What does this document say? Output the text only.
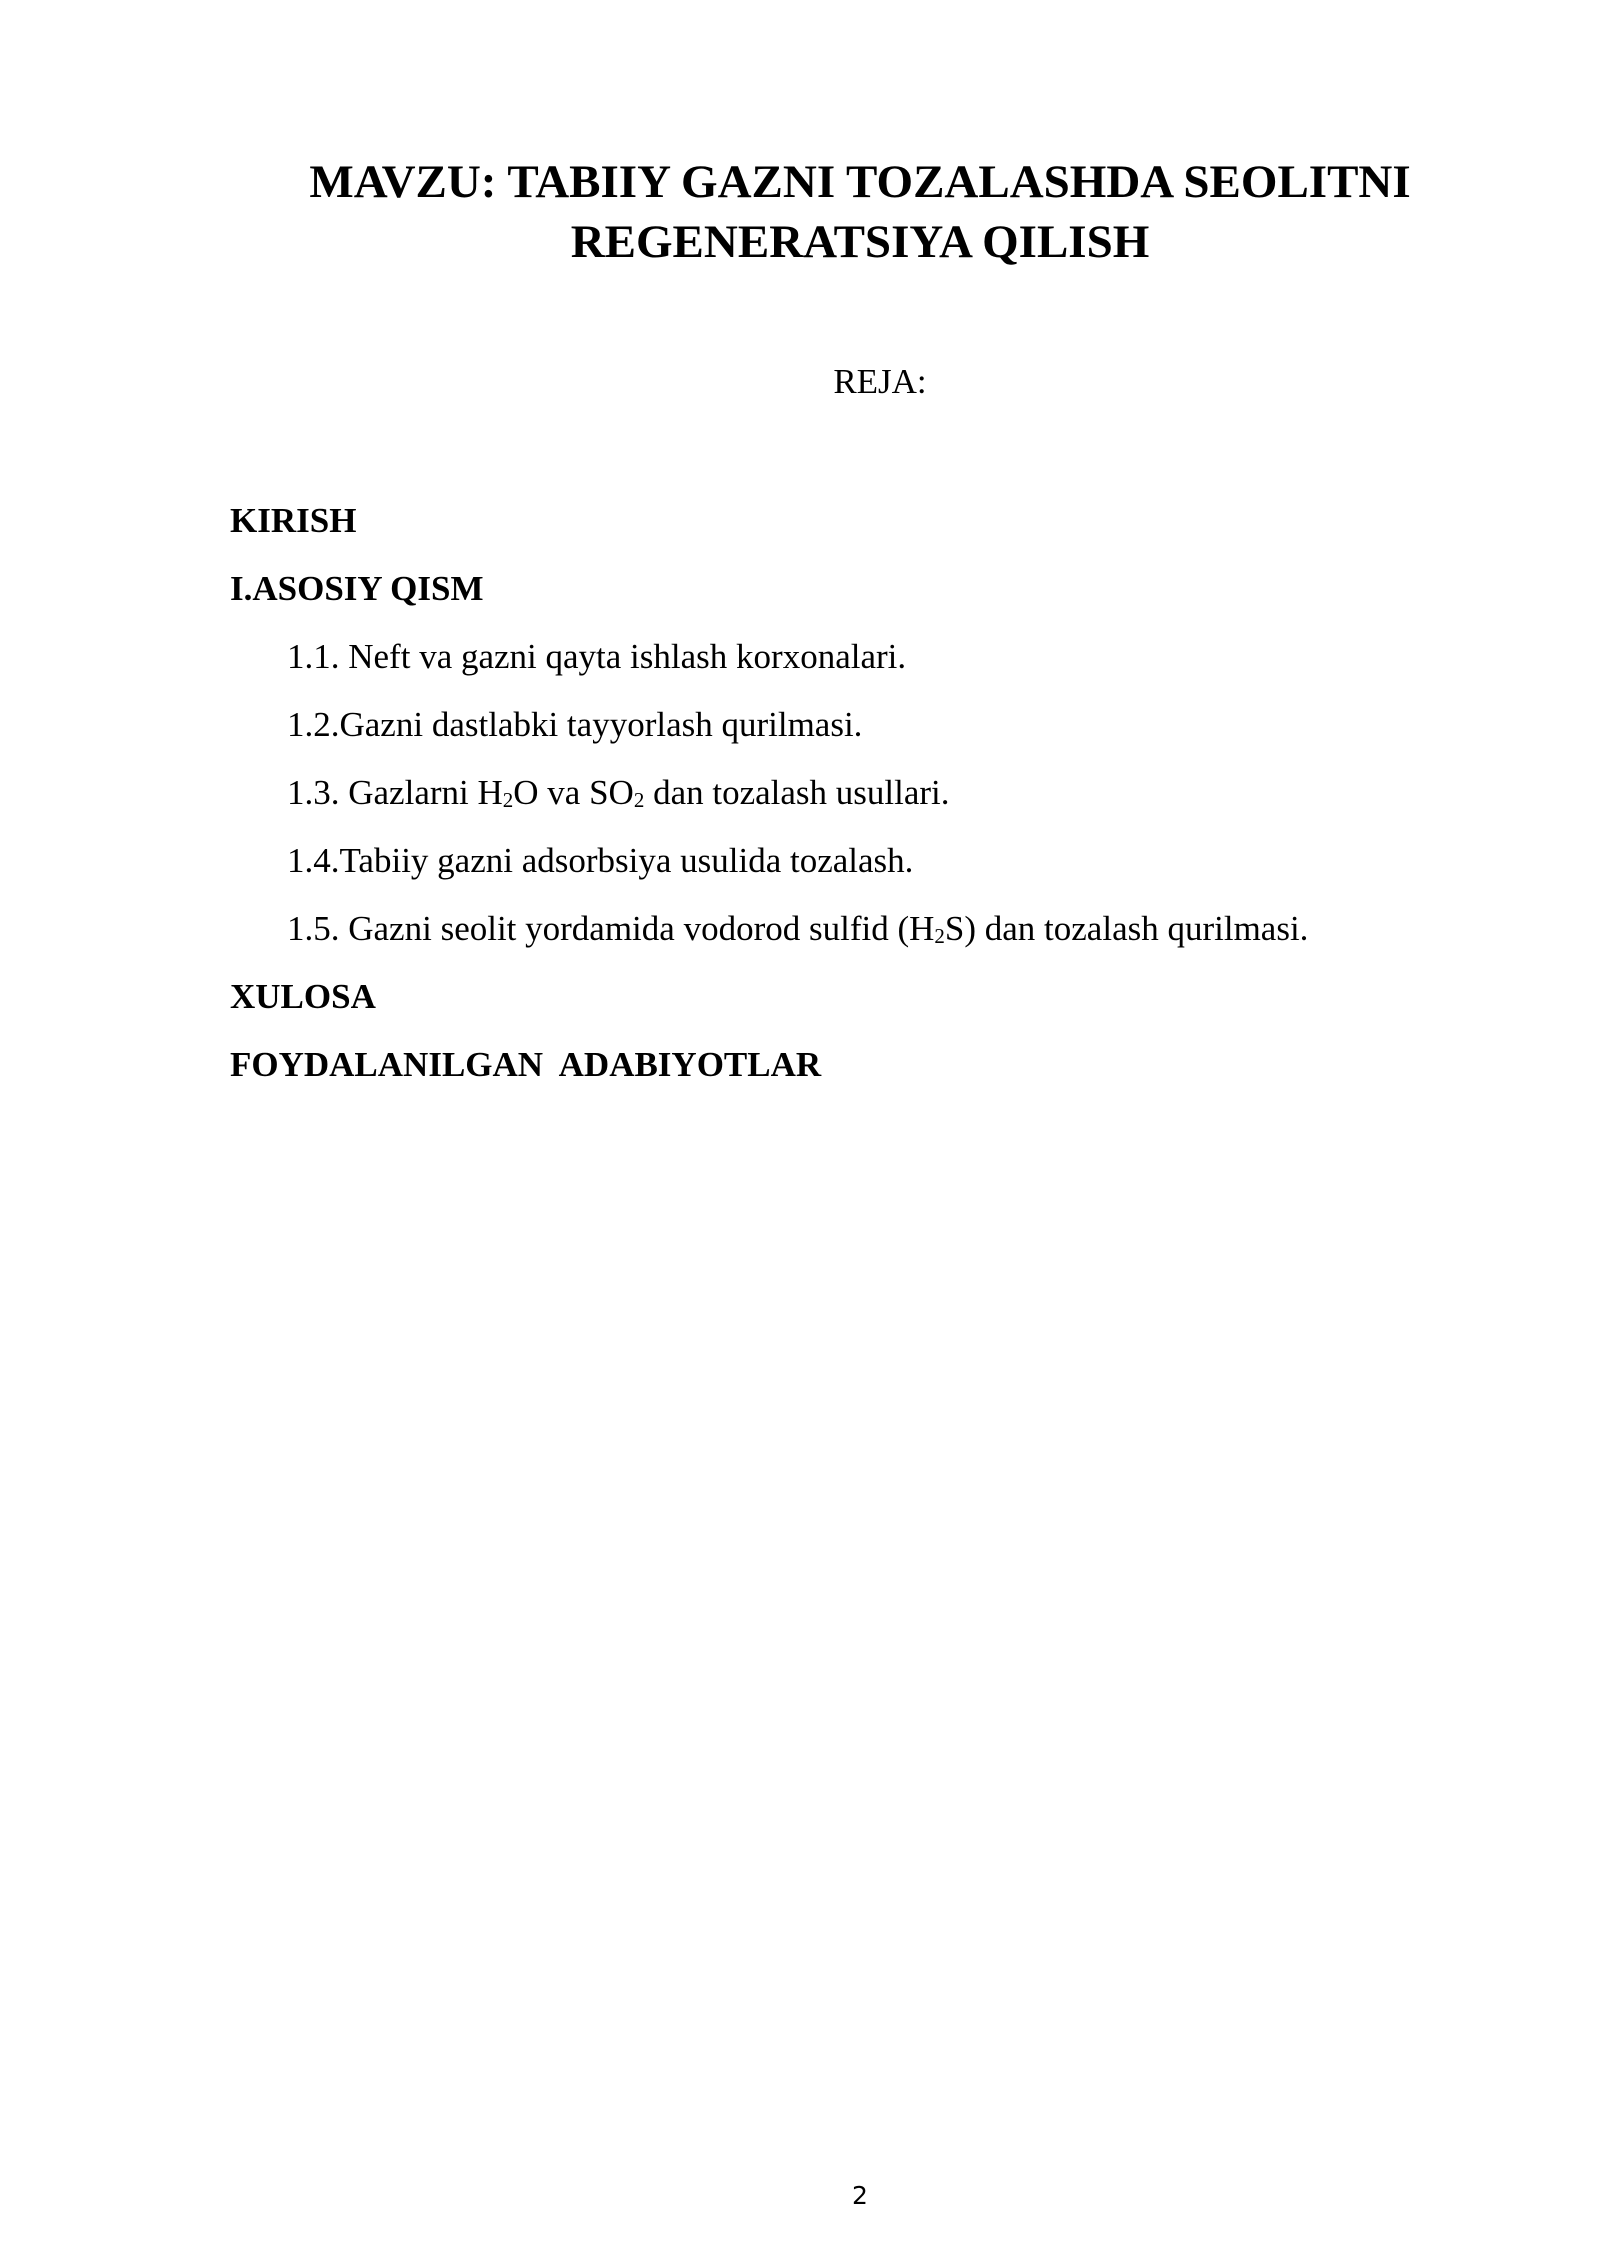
MAVZU: TABIIY GAZNI TOZALASHDA SEOLITNI
REGENERATSIYA QILISH
REJA:
KIRISH
I.ASOSIY QISM
1.1. Neft va gazni qayta ishlash korxonalari.
1.2.Gazni dastlabki tayyorlash qurilmasi.
1.3. Gazlarni $H_2O$ va $SO_2$ dan tozalash usullari.
1.4.Tabiiy gazni adsorbsiya usulida tozalash.
1.5. Gazni seolit yordamida vodorod sulfid $(H_2S)$ dan tozalash qurilmasi.
XULOSA
FOYDALANILGAN  ADABIYOTLAR
2
